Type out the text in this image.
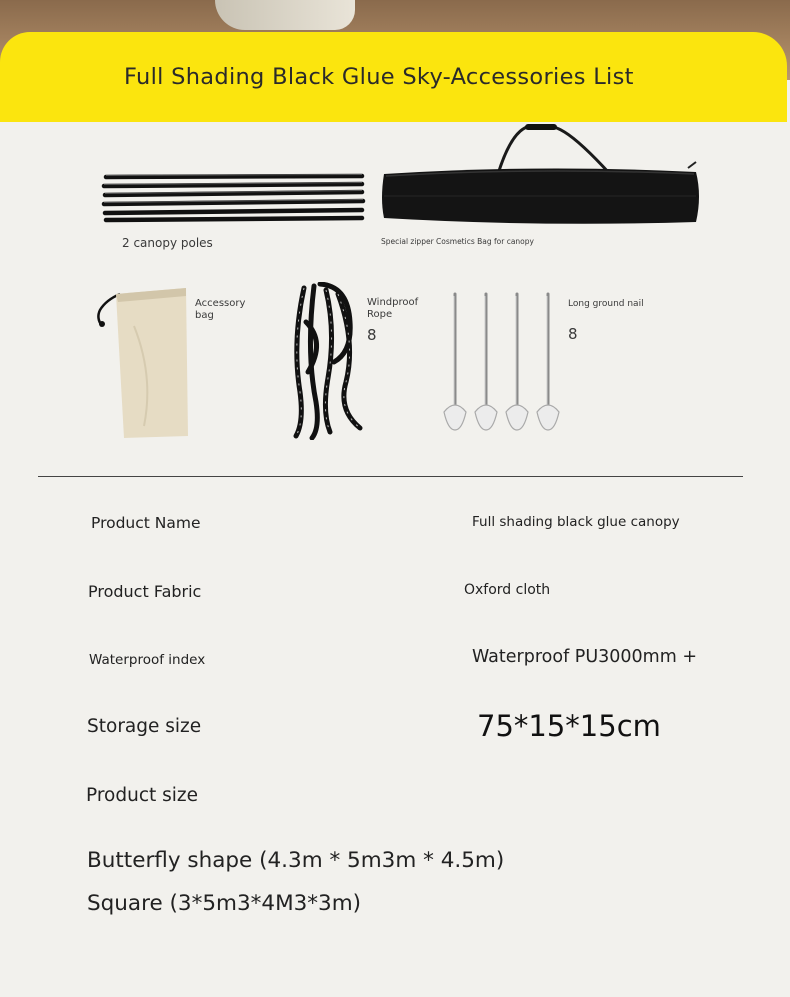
Full Shading Black Glue Sky-Accessories List
2 canopy poles	Special zipper Cosmetics Bag for canopy
Accessory
bag
Windproof
Rope
8
Long ground nail
8
Product Name	Full shading black glue canopy
Product Fabric	Oxford cloth
Waterproof index	Waterproof PU3000mm +
Storage size	75*15*15cm
Product size
Butterfly shape (4.3m * 5m3m * 4.5m)
Square (3*5m3*4M3*3m)
